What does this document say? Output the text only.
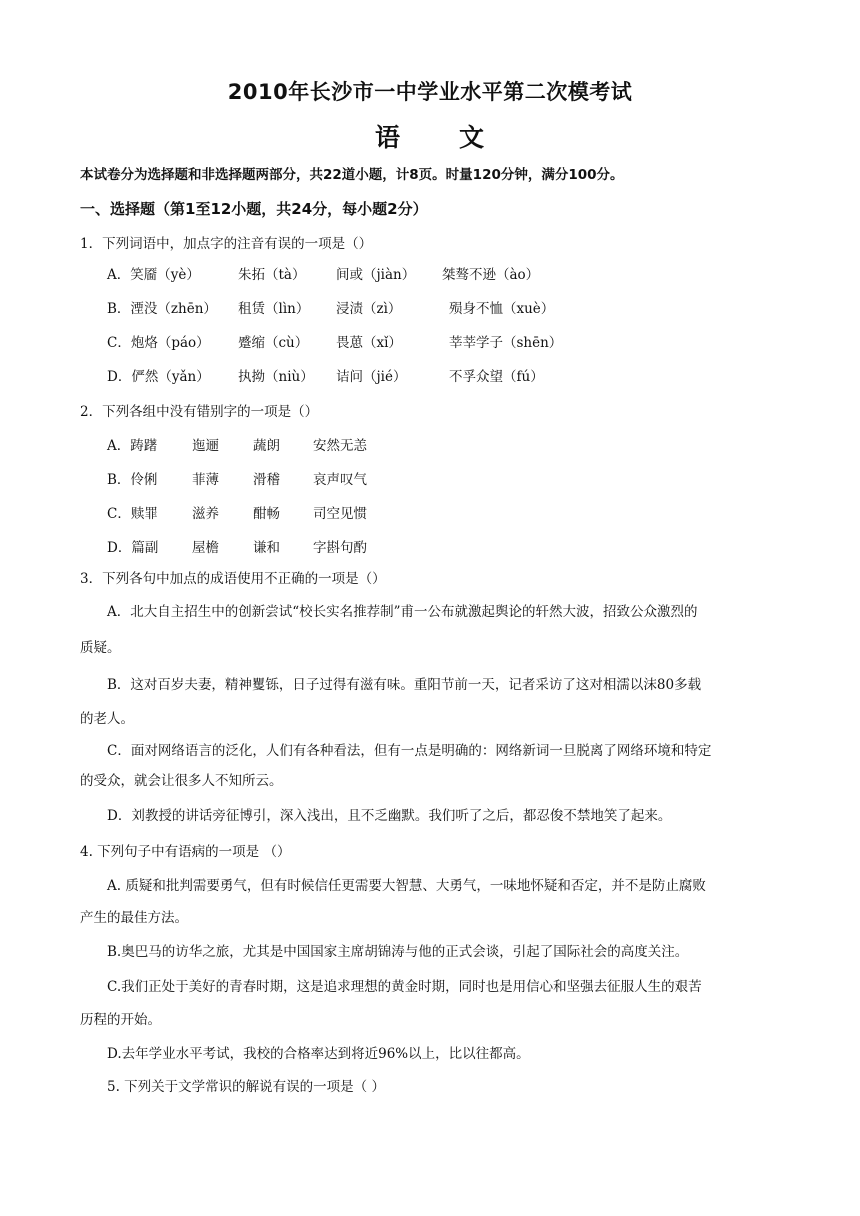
2010年长沙市一中学业水平第二次模考试
语 文
本试卷分为选择题和非选择题两部分，共22道小题，计8页。时量120分钟，满分100分。
一、选择题（第1至12小题，共24分，每小题2分）
1．下列词语中，加点字的注音有误的一项是（）
A．笑靥（yè）	朱拓（tà） 间或（jiàn） 桀骜不逊（ào）
B．湮没（zhēn） 租赁（lìn） 浸渍（zì）	殒身不恤（xuè）
C．炮烙（páo） 蹙缩（cù） 畏葸（xǐ）	莘莘学子（shēn）
D．俨然（yǎn） 执拗（niù） 诘问（jié）	不孚众望（fú）
2．下列各组中没有错别字的一项是（）
A．踌躇	迤逦	蔬朗 安然无恙
B．伶俐	菲薄	滑稽 哀声叹气
C．赎罪	滋养	酣畅 司空见惯
D．篇副 屋檐	谦和 字斟句酌
3．下列各句中加点的成语使用不正确的一项是（）
A．北大自主招生中的创新尝试“校长实名推荐制”甫一公布就激起舆论的轩然大波，招致公众激烈的
质疑。
B．这对百岁夫妻，精神矍铄，日子过得有滋有味。重阳节前一天，记者采访了这对相濡以沫80多载
的老人。
C．面对网络语言的泛化，人们有各种看法，但有一点是明确的：网络新词一旦脱离了网络环境和特定
的受众，就会让很多人不知所云。
D．刘教授的讲话旁征博引，深入浅出，且不乏幽默。我们听了之后，都忍俊不禁地笑了起来。
4. 下列句子中有语病的一项是 （）
A. 质疑和批判需要勇气，但有时候信任更需要大智慧、大勇气，一味地怀疑和否定，并不是防止腐败
产生的最佳方法。
B.奥巴马的访华之旅，尤其是中国国家主席胡锦涛与他的正式会谈，引起了国际社会的高度关注。
C.我们正处于美好的青春时期，这是追求理想的黄金时期，同时也是用信心和坚强去征服人生的艰苦
历程的开始。
D.去年学业水平考试，我校的合格率达到将近96%以上，比以往都高。
5. 下列关于文学常识的解说有误的一项是（ ）
